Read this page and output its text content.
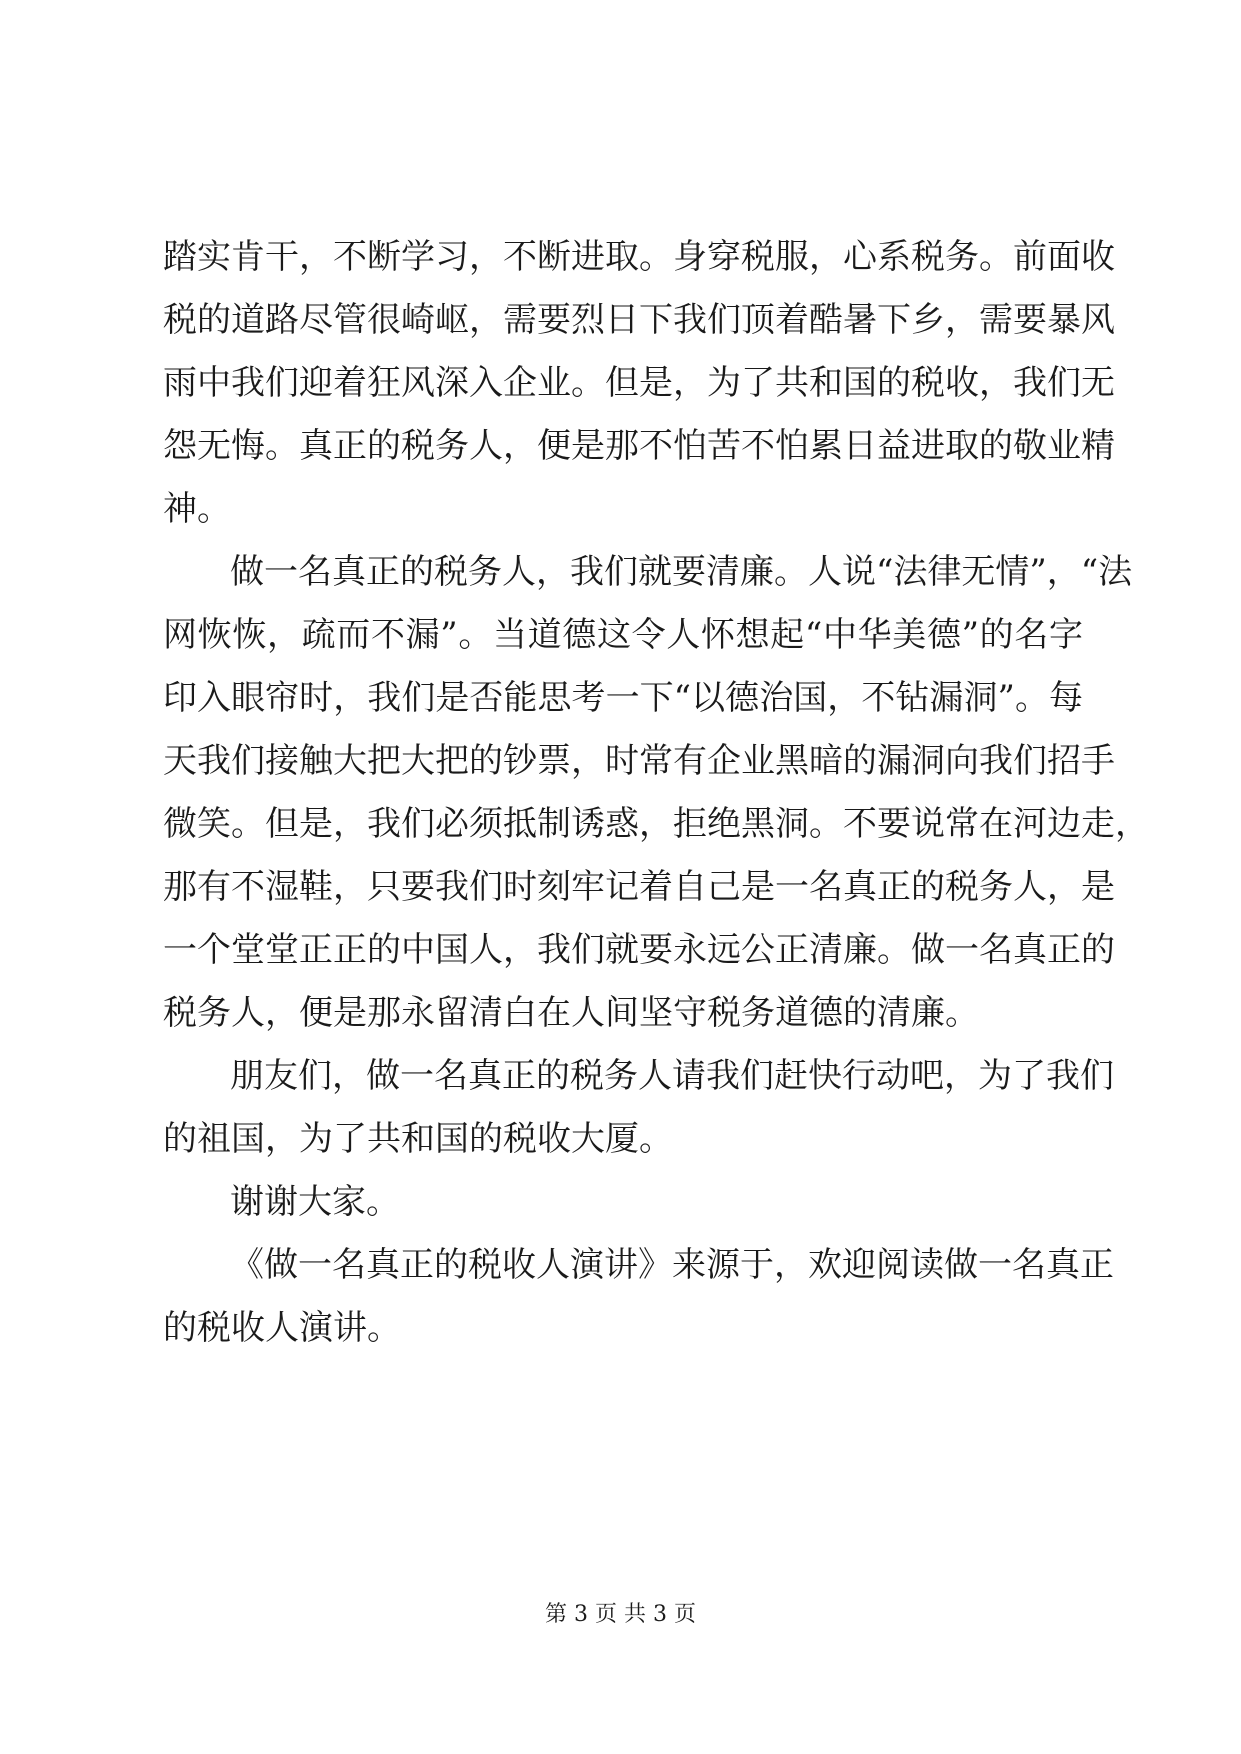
踏实肯干，不断学习，不断进取。身穿税服，心系税务。前面收
税的道路尽管很崎岖，需要烈日下我们顶着酷暑下乡，需要暴风
雨中我们迎着狂风深入企业。但是，为了共和国的税收，我们无
怨无悔。真正的税务人，便是那不怕苦不怕累日益进取的敬业精
神。
做一名真正的税务人，我们就要清廉。人说“法律无情”，“法
网恢恢，疏而不漏”。当道德这令人怀想起“中华美德”的名字
印入眼帘时，我们是否能思考一下“以德治国，不钻漏洞”。每
天我们接触大把大把的钞票，时常有企业黑暗的漏洞向我们招手
微笑。但是，我们必须抵制诱惑，拒绝黑洞。不要说常在河边走，
那有不湿鞋，只要我们时刻牢记着自己是一名真正的税务人，是
一个堂堂正正的中国人，我们就要永远公正清廉。做一名真正的
税务人，便是那永留清白在人间坚守税务道德的清廉。
朋友们，做一名真正的税务人请我们赶快行动吧，为了我们
的祖国，为了共和国的税收大厦。
谢谢大家。
《做一名真正的税收人演讲》来源于，欢迎阅读做一名真正
的税收人演讲。
第 3 页 共 3 页
